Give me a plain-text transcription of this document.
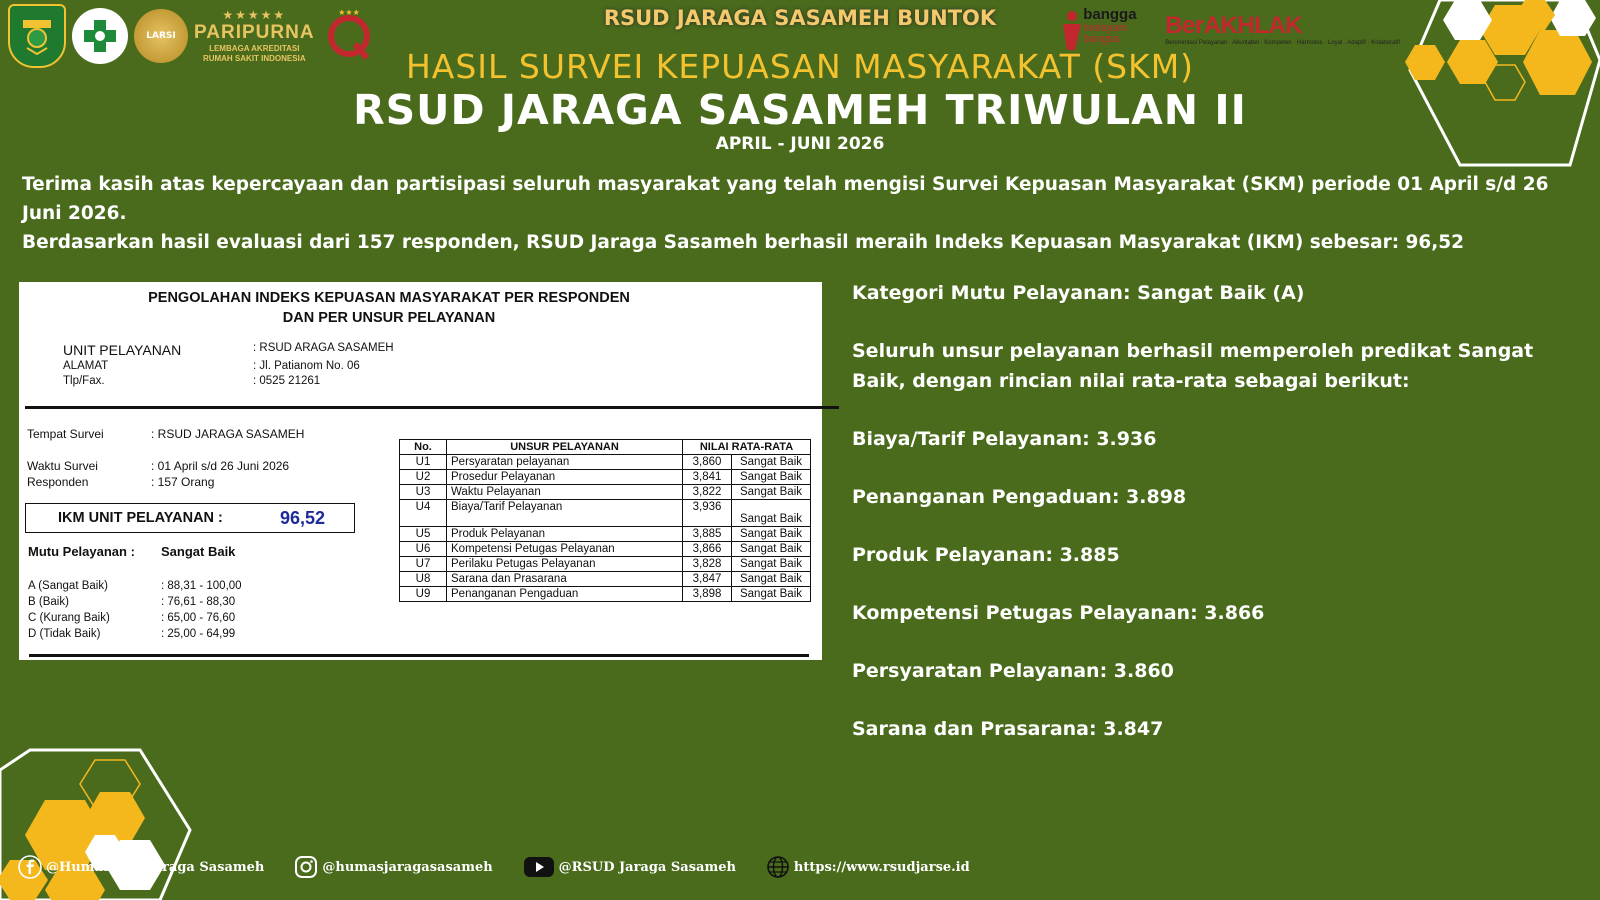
LARSI
★★★★★
PARIPURNA
LEMBAGA AKREDITASI
RUMAH SAKIT INDONESIA
★★★	bangga
melayani bangsa	BerAKHLAK
Berorientasi Pelayanan · Akuntabel · Kompeten · Harmonis · Loyal · Adaptif · Kolaboratif
RSUD JARAGA SASAMEH BUNTOK
HASIL SURVEI KEPUASAN MASYARAKAT (SKM)
RSUD JARAGA SASAMEH TRIWULAN II
APRIL - JUNI 2026
Terima kasih atas kepercayaan dan partisipasi seluruh masyarakat yang telah mengisi Survei Kepuasan Masyarakat (SKM) periode 01 April s/d 26 Juni 2026.
Berdasarkan hasil evaluasi dari 157 responden, RSUD Jaraga Sasameh berhasil meraih Indeks Kepuasan Masyarakat (IKM) sebesar: 96,52
PENGOLAHAN INDEKS KEPUASAN MASYARAKAT PER RESPONDEN
DAN PER UNSUR PELAYANAN
UNIT PELAYANAN	: RSUD ARAGA SASAMEH
ALAMAT	: Jl. Patianom No. 06
Tlp/Fax.	: 0525 21261
Tempat Survei	: RSUD JARAGA SASAMEH
Waktu Survei	: 01 April s/d 26 Juni 2026
Responden	: 157 Orang
IKM UNIT PELAYANAN :	96,52
Mutu Pelayanan :	Sangat Baik
A (Sangat Baik)	: 88,31 - 100,00
B (Baik)	: 76,61 - 88,30
C (Kurang Baik)	: 65,00 - 76,60
D (Tidak Baik)	: 25,00 - 64,99
No.	UNSUR PELAYANAN	NILAI RATA-RATA	
U1	Persyaratan pelayanan	3,860	Sangat Baik
U2	Prosedur Pelayanan	3,841	Sangat Baik
U3	Waktu Pelayanan	3,822	Sangat Baik
U4	Biaya/Tarif Pelayanan	3,936	Sangat Baik
U5	Produk Pelayanan	3,885	Sangat Baik
U6	Kompetensi Petugas Pelayanan	3,866	Sangat Baik
U7	Perilaku Petugas Pelayanan	3,828	Sangat Baik
U8	Sarana dan Prasarana	3,847	Sangat Baik
U9	Penanganan Pengaduan	3,898	Sangat Baik

Kategori Mutu Pelayanan: Sangat Baik (A)

Seluruh unsur pelayanan berhasil memperoleh predikat Sangat Baik, dengan rincian nilai rata-rata sebagai berikut:

Biaya/Tarif Pelayanan: 3.936

Penanganan Pengaduan: 3.898

Produk Pelayanan: 3.885

Kompetensi Petugas Pelayanan: 3.866

Persyaratan Pelayanan: 3.860

Sarana dan Prasarana: 3.847

@Humasrsud Jaraga Sasameh	@humasjaragasasameh	@RSUD Jaraga Sasameh	https://www.rsudjarse.id
